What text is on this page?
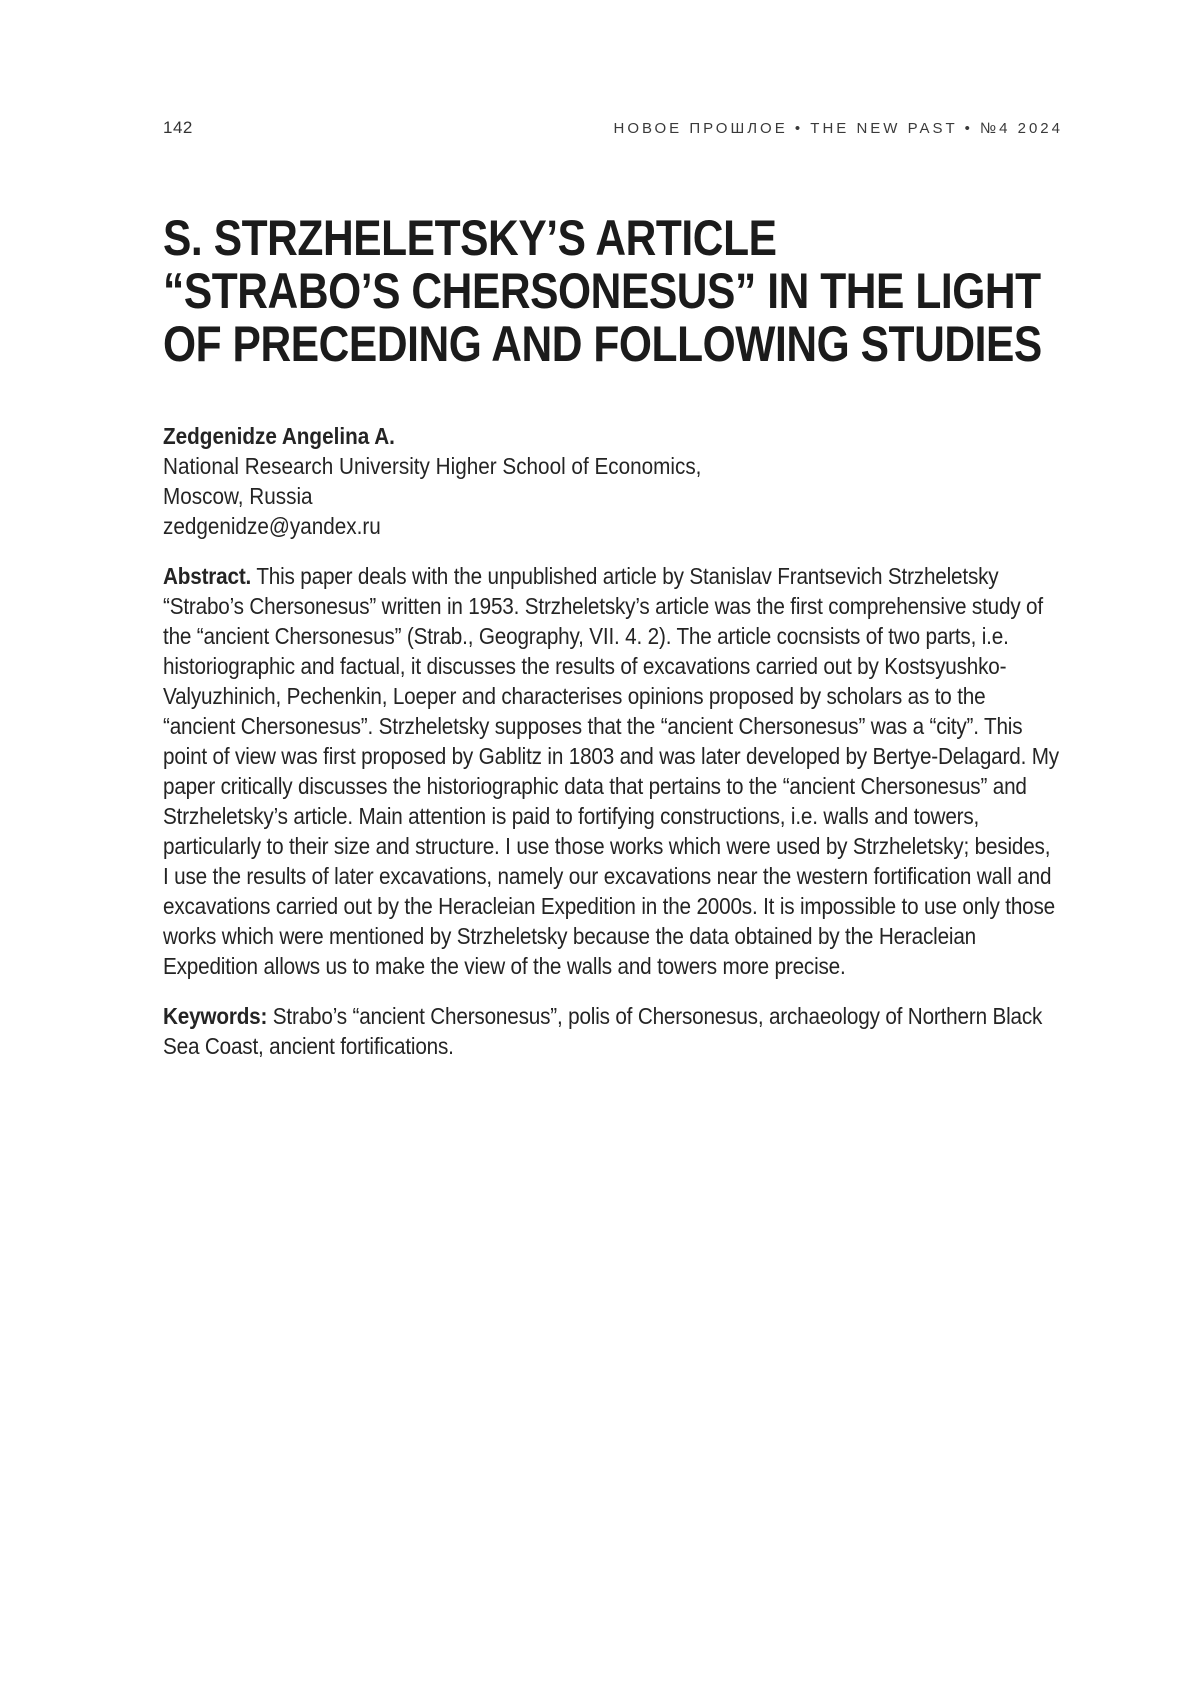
142	НОВОЕ ПРОШЛОЕ • THE NEW PAST • №4 2024
S. STRZHELETSKY’S ARTICLE
“STRABO’S CHERSONESUS” IN THE LIGHT
OF PRECEDING AND FOLLOWING STUDIES
Zedgenidze Angelina A.
National Research University Higher School of Economics,
Moscow, Russia
zedgenidze@yandex.ru

Abstract. This paper deals with the unpublished article by Stanislav Frantsevich Strzheletsky “Strabo’s Chersonesus” written in 1953. Strzheletsky’s article was the first comprehensive study of the “ancient Chersonesus” (Strab., Geography, VII. 4. 2). The article cocnsists of two parts, i.e. historiographic and factual, it discusses the results of excavations carried out by Kostsyushko-Valyuzhinich, Pechenkin, Loeper and characterises opinions proposed by scholars as to the “ancient Chersonesus”. Strzheletsky supposes that the “ancient Chersonesus” was a “city”. This point of view was first proposed by Gablitz in 1803 and was later developed by Bertye-Delagard. My paper critically discusses the historiographic data that pertains to the “ancient Chersonesus” and Strzheletsky’s article. Main attention is paid to fortifying constructions, i.e. walls and towers, particularly to their size and structure. I use those works which were used by Strzheletsky; besides, I use the results of later excavations, namely our excavations near the western fortification wall and excavations carried out by the Heracleian Expedition in the 2000s. It is impossible to use only those works which were mentioned by Strzheletsky because the data obtained by the Heracleian Expedition allows us to make the view of the walls and towers more precise.

Keywords: Strabo’s “ancient Chersonesus”, polis of Chersonesus, archaeology of Northern Black Sea Coast, ancient fortifications.
